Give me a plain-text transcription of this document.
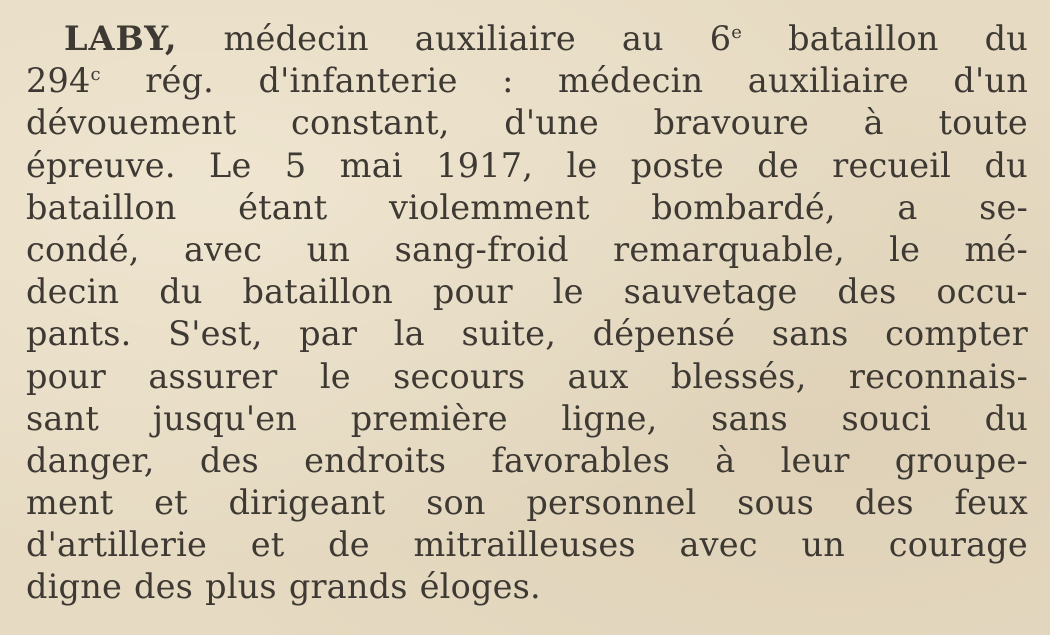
LABY, médecin auxiliaire au 6e bataillon du
294$^c$ rég. d'infanterie : médecin auxiliaire d'un
dévouement constant, d'une bravoure à toute
épreuve. Le 5 mai 1917, le poste de recueil du
bataillon étant violemment bombardé, a se-
condé, avec un sang-froid remarquable, le mé-
decin du bataillon pour le sauvetage des occu-
pants. S'est, par la suite, dépensé sans compter
pour assurer le secours aux blessés, reconnais-
sant jusqu'en première ligne, sans souci du
danger, des endroits favorables à leur groupe-
ment et dirigeant son personnel sous des feux
d'artillerie et de mitrailleuses avec un courage
digne des plus grands éloges.
